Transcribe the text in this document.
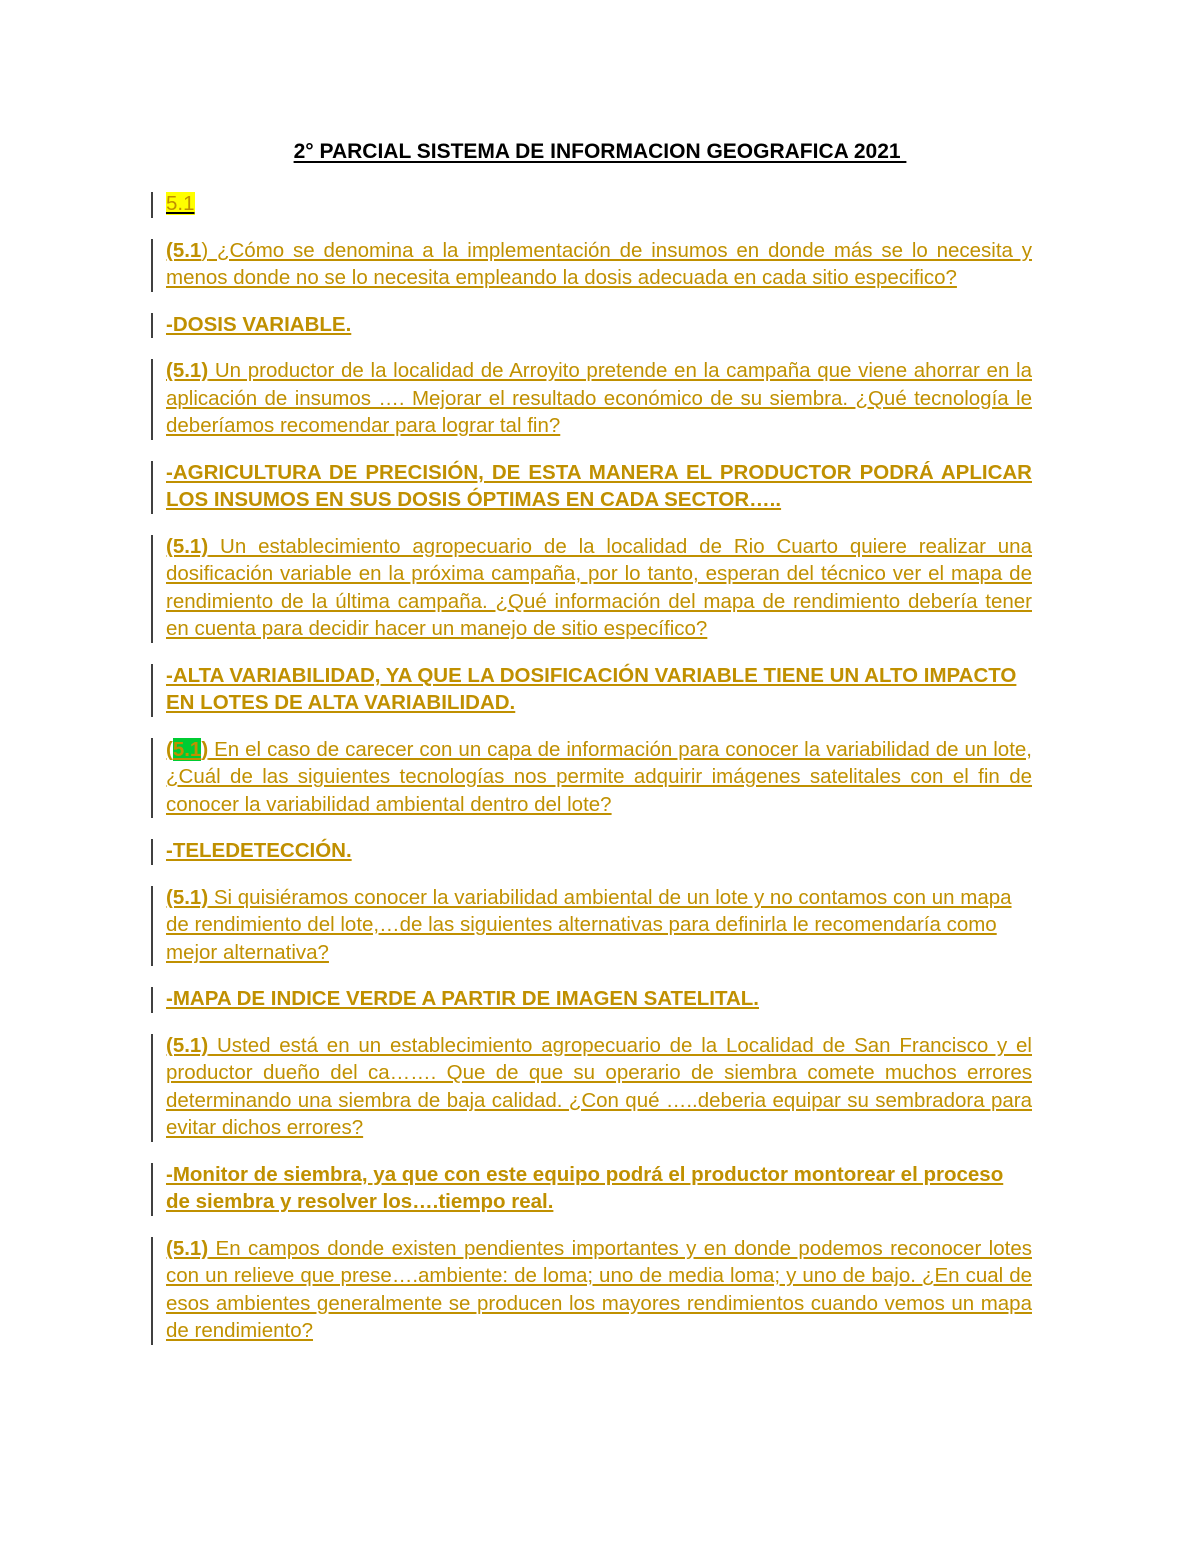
2° PARCIAL SISTEMA DE INFORMACION GEOGRAFICA 2021
5.1
(5.1) ¿Cómo se denomina a la implementación de insumos en donde más se lo necesita y menos donde no se lo necesita empleando la dosis adecuada en cada sitio especifico?
-DOSIS VARIABLE.
(5.1) Un productor de la localidad de Arroyito pretende en la campaña que viene ahorrar en la aplicación de insumos …. Mejorar el resultado económico de su siembra. ¿Qué tecnología le deberíamos recomendar para lograr tal fin?
-AGRICULTURA DE PRECISIÓN, DE ESTA MANERA EL PRODUCTOR PODRÁ APLICAR LOS INSUMOS EN SUS DOSIS ÓPTIMAS EN CADA SECTOR…..
(5.1) Un establecimiento agropecuario de la localidad de Rio Cuarto quiere realizar una dosificación variable en la próxima campaña, por lo tanto, esperan del técnico ver el mapa de rendimiento de la última campaña. ¿Qué información del mapa de rendimiento debería tener en cuenta para decidir hacer un manejo de sitio específico?
-ALTA VARIABILIDAD, YA QUE LA DOSIFICACIÓN VARIABLE TIENE UN ALTO IMPACTO EN LOTES DE ALTA VARIABILIDAD.
(5.1) En el caso de carecer con un capa de información para conocer la variabilidad de un lote, ¿Cuál de las siguientes tecnologías nos permite adquirir imágenes satelitales con el fin de conocer la variabilidad ambiental dentro del lote?
-TELEDETECCIÓN.
(5.1) Si quisiéramos conocer la variabilidad ambiental de un lote y no contamos con un mapa de rendimiento del lote,…de las siguientes alternativas para definirla le recomendaría como mejor alternativa?
-MAPA DE INDICE VERDE A PARTIR DE IMAGEN SATELITAL.
(5.1) Usted está en un establecimiento agropecuario de la Localidad de San Francisco y el productor dueño del ca……. Que de que su operario de siembra comete muchos errores determinando una siembra de baja calidad. ¿Con qué …..deberia equipar su sembradora para evitar dichos errores?
-Monitor de siembra, ya que con este equipo podrá el productor montorear el proceso de siembra y resolver los….tiempo real.
(5.1) En campos donde existen pendientes importantes y en donde podemos reconocer lotes con un relieve que prese….ambiente: de loma; uno de media loma; y uno de bajo. ¿En cual de esos ambientes generalmente se producen los mayores rendimientos cuando vemos un mapa de rendimiento?
